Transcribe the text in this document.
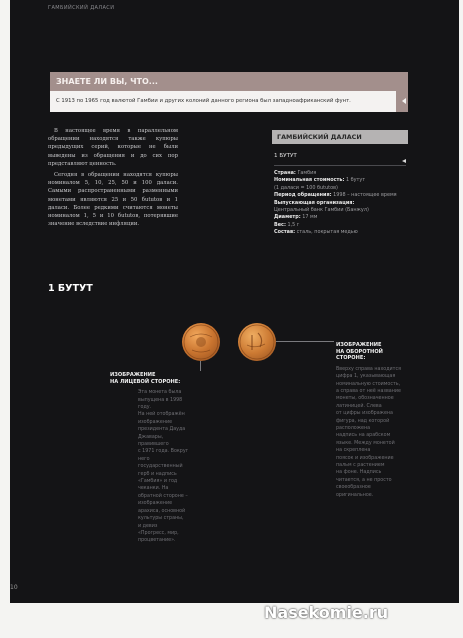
ГАМБИЙСКИЙ ДАЛАСИ
ЗНАЕТЕ ЛИ ВЫ, ЧТО...
С 1913 по 1965 год валютой Гамбии и других колоний данного региона был западноафриканский фунт.

В настоящее время в параллельном обращении находятся также купюры предыдущих серий, которые не были выведены из обращения и до сих пор представляют ценность.

Сегодня в обращении находятся купюры номиналом 5, 10, 25, 50 и 100 даласи. Самыми распространенными разменными монетами являются 25 и 50 бututов и 1 даласи. Более редкими считаются монеты номиналом 1, 5 и 10 бututов, потерявшие значение вследствие инфляции.

ГАМБИЙСКИЙ ДАЛАСИ
1 БУТУТ
Страна: Гамбия
Номинальная стоимость: 1 бутут
(1 даласи = 100 бututов)
Период обращения: 1998 – настоящее время
Выпускающая организация:
Центральный банк Гамбии (Банжул)
Диаметр: 17 мм
Вес: 1,5 г
Состав: сталь, покрытая медью
1 БУТУТ
ИЗОБРАЖЕНИЕ
НА ЛИЦЕВОЙ СТОРОНЕ:
Эта монета была выпущена в 1998 году.
На ней отображён
изображение
президента Даудa
Джавары, правившего
с 1971 года. Вокруг
него государственный
герб и надпись
«Гамбия» и год
чеканки. На
обратной стороне –
изображение
арахиса, основной
культуры страны,
и девиз
«Прогресс, мир,
процветание».
ИЗОБРАЖЕНИЕ
НА ОБОРОТНОЙ
СТОРОНЕ:
Вверху справа находится
цифра 1, указывающая
номинальную стоимость,
а справа от неё название
монеты, обозначенное
латиницей. Слева
от цифры изображена
фигура, над которой
расположена
надпись на арабском
языке. Между монетой
на скреплена
поясок и изображение
пальм с растением
на фоне. Надпись
читается, а не просто
своеобразное
оригинальное.
10
Nasekomie.ru
